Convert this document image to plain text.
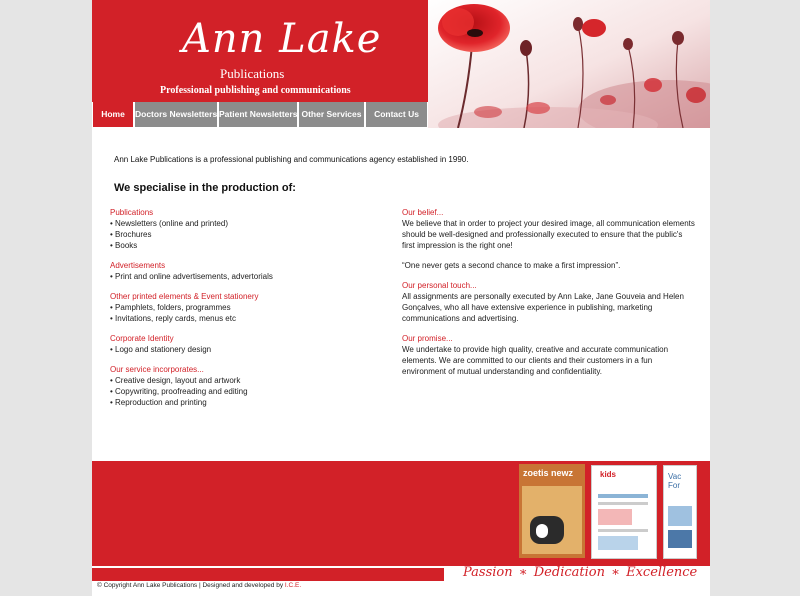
Ann Lake
Publications
Professional publishing and communications
Home	Doctors Newsletters Patient Newsletters Other Services	Contact Us
Ann Lake Publications is a professional publishing and communications agency established in 1990.
We specialise in the production of:
Publications
• Newsletters (online and printed)
• Brochures
• Books
Advertisements
• Print and online advertisements, advertorials
Other printed elements & Event stationery
• Pamphlets, folders, programmes
• Invitations, reply cards, menus etc
Corporate Identity
• Logo and stationery design
Our service incorporates...
• Creative design, layout and artwork
• Copywriting, proofreading and editing
• Reproduction and printing
Our belief...

We believe that in order to project your desired image, all communication elements should be well-designed and professionally executed to ensure that the public's first impression is the right one!

“One never gets a second chance to make a first impression”.

Our personal touch...

All assignments are personally executed by Ann Lake, Jane Gouveia and Helen Gonçalves, who all have extensive experience in publishing, marketing communications and advertising.

Our promise...

We undertake to provide high quality, creative and accurate communication elements. We are committed to our clients and their customers in a fun environment of mutual understanding and confidentiality.

zoetis newz	kids	Vac For
© Copyright Ann Lake Publications | Designed and developed by I.C.E.
Passion ∗ Dedication ∗ Excellence
